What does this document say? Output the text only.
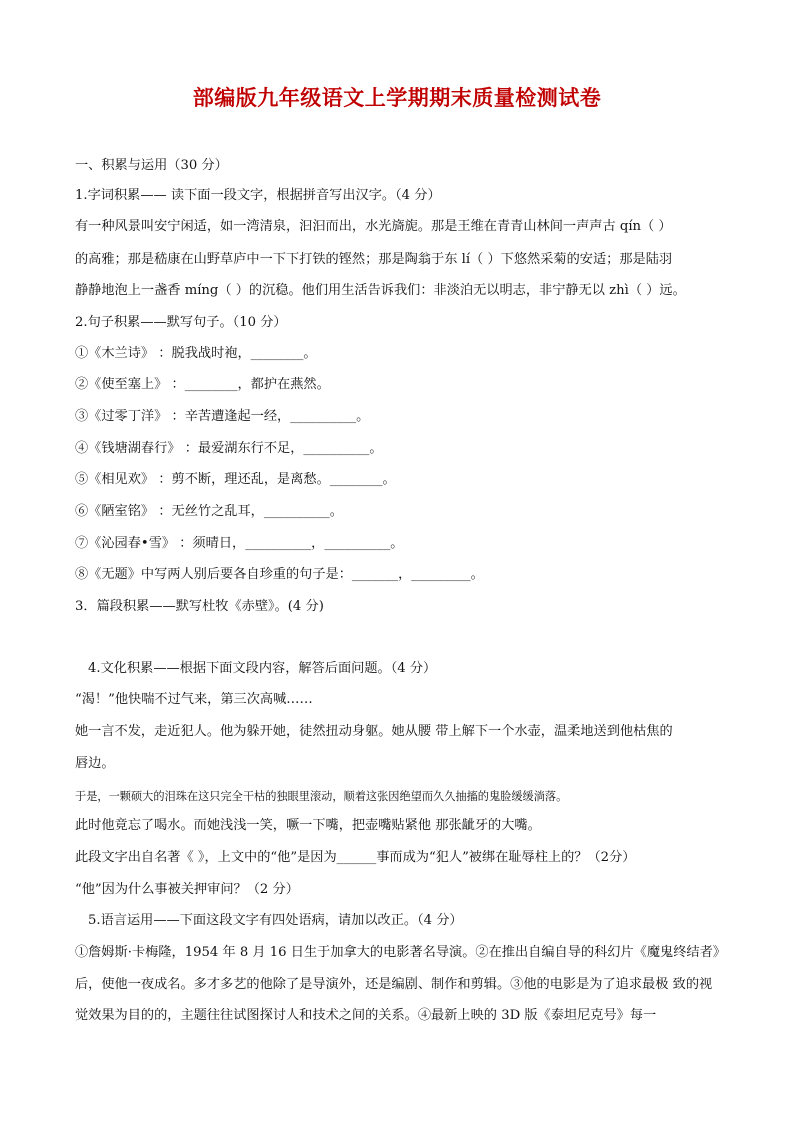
部编版九年级语文上学期期末质量检测试卷
一、积累与运用（30 分）
1.字词积累—— 读下面一段文字，根据拼音写出汉字。（4 分）
有一种风景叫安宁闲适，如一湾清泉，汩汩而出，水光旖旎。那是王维在青青山林间一声声古 qín（ ）
的高雅；那是嵇康在山野草庐中一下下打铁的铿然；那是陶翁于东 lí（ ）下悠然采菊的安适；那是陆羽
静静地泡上一盏香 míng（ ）的沉稳。他们用生活告诉我们：非淡泊无以明志，非宁静无以 zhì（ ）远。
2.句子积累——默写句子。（10 分）
①《木兰诗》 ：脱我战时袍，________。
②《使至塞上》 ：________，都护在燕然。
③《过零丁洋》 ：辛苦遭逢起一经，__________。
④《钱塘湖春行》 ：最爱湖东行不足，__________。
⑤《相见欢》 ：剪不断，理还乱，是离愁。________。
⑥《陋室铭》 ：无丝竹之乱耳，__________。
⑦《沁园春•雪》 ：须晴日，__________，__________。
⑧《无题》中写两人别后要各自珍重的句子是：_______，_________。
3．篇段积累——默写杜牧《赤壁》。(4 分)
4.文化积累——根据下面文段内容，解答后面问题。（4 分）
“渴！”他快喘不过气来，第三次高喊……
她一言不发，走近犯人。他为躲开她，徒然扭动身躯。她从腰 带上解下一个水壶，温柔地送到他枯焦的
唇边。
于是，一颗硕大的泪珠在这只完全干枯的独眼里滚动，顺着这张因绝望而久久抽搐的鬼脸缓缓淌落。
此时他竟忘了喝水。而她浅浅一笑，噘一下嘴，把壶嘴贴紧他 那张龇牙的大嘴。
此段文字出自名著《 》，上文中的“他”是因为______事而成为“犯人”被绑在耻辱柱上的？（2分）
“他”因为什么事被关押审问？（2 分）
5.语言运用——下面这段文字有四处语病，请加以改正。（4 分）
①詹姆斯·卡梅隆，1954 年 8 月 16 日生于加拿大的电影著名导演。②在推出自编自导的科幻片《魔鬼终结者》
后，使他一夜成名。多才多艺的他除了是导演外，还是编剧、制作和剪辑。③他的电影是为了追求最极 致的视
觉效果为目的的，主题往往试图探讨人和技术之间的关系。④最新上映的 3D 版《泰坦尼克号》每一
